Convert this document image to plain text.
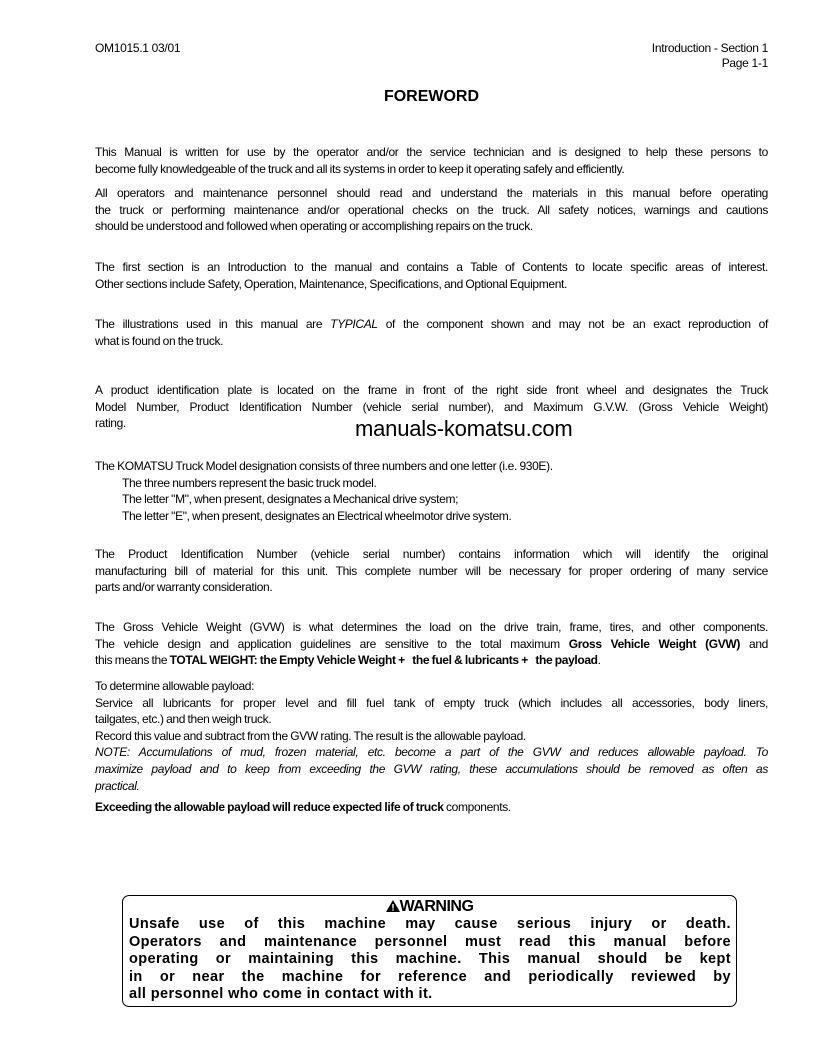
OM1015.1 03/01	Introduction - Section 1
Page 1-1
FOREWORD
This Manual is written for use by the operator and/or the service technician and is designed to help these persons to
become fully knowledgeable of the truck and all its systems in order to keep it operating safely and efficiently.
All operators and maintenance personnel should read and understand the materials in this manual before operating
the truck or performing maintenance and/or operational checks on the truck. All safety notices, warnings and cautions
should be understood and followed when operating or accomplishing repairs on the truck.
The first section is an Introduction to the manual and contains a Table of Contents to locate specific areas of interest.
Other sections include Safety, Operation, Maintenance, Specifications, and Optional Equipment.
The illustrations used in this manual are TYPICAL of the component shown and may not be an exact reproduction of
what is found on the truck.
A product identification plate is located on the frame in front of the right side front wheel and designates the Truck
Model Number, Product Identification Number (vehicle serial number), and Maximum G.V.W. (Gross Vehicle Weight)
rating.	manuals-komatsu.com
The KOMATSU Truck Model designation consists of three numbers and one letter (i.e. 930E).
The three numbers represent the basic truck model.
The letter "M", when present, designates a Mechanical drive system;
The letter "E", when present, designates an Electrical wheelmotor drive system.
The Product Identification Number (vehicle serial number) contains information which will identify the original
manufacturing bill of material for this unit. This complete number will be necessary for proper ordering of many service
parts and/or warranty consideration.
The Gross Vehicle Weight (GVW) is what determines the load on the drive train, frame, tires, and other components.
The vehicle design and application guidelines are sensitive to the total maximum Gross Vehicle Weight (GVW) and
this means the TOTAL WEIGHT: the Empty Vehicle Weight +   the fuel & lubricants +   the payload.
To determine allowable payload:
Service all lubricants for proper level and fill fuel tank of empty truck (which includes all accessories, body liners,
tailgates, etc.) and then weigh truck.
Record this value and subtract from the GVW rating. The result is the allowable payload.
NOTE: Accumulations of mud, frozen material, etc. become a part of the GVW and reduces allowable payload. To
maximize payload and to keep from exceeding the GVW rating, these accumulations should be removed as often as
practical.
Exceeding the allowable payload will reduce expected life of truck components.
WARNING
Unsafe use of this machine may cause serious injury or death.
Operators and maintenance personnel must read this manual before
operating or maintaining this machine. This manual should be kept
in or near the machine for reference and periodically reviewed by
all personnel who come in contact with it.
